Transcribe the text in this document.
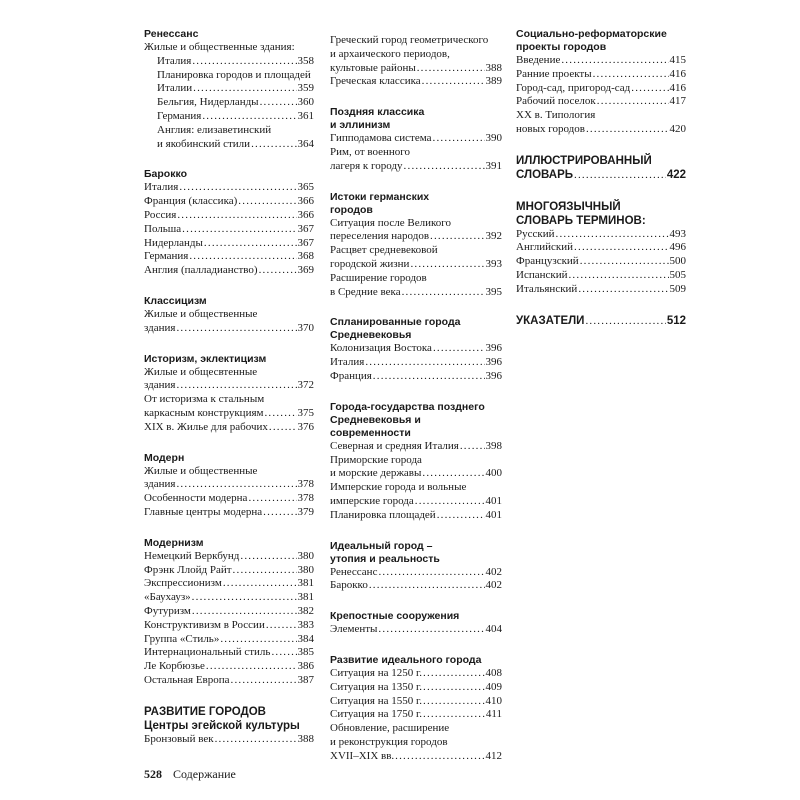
Ренессанс
Жилые и общественные здания:
Италия .....	358
Планировка городов и площадей
Италии .....	359
Бельгия, Нидерланды .....	360
Германия .....	361
Англия: елизаветинский
и якобинский стили .....	364
Барокко
Италия .....	365
Франция (классика) .....	366
Россия .....	366
Польша .....	367
Нидерланды .....	367
Германия .....	368
Англия (палладианство) .....	369
Классицизм
Жилые и общественные
здания .....	370
Историзм, эклектицизм
Жилые и общесвтенные
здания .....	372
От историзма к стальным
каркасным конструкциям .....	375
XIX в. Жилье для рабочих .....	376
Модерн
Жилые и общественные
здания .....	378
Особенности модерна .....	378
Главные центры модерна .....	379
Модернизм
Немецкий Веркбунд .....	380
Фрэнк Ллойд Райт .....	380
Экспрессионизм .....	381
«Баухауз» .....	381
Футуризм .....	382
Конструктивизм в России .....	383
Группа «Стиль» .....	384
Интернациональный стиль ..... 385
Ле Корбюзье .....	386
Остальная Европа .....	387
РАЗВИТИЕ ГОРОДОВ
Центры эгейской культуры
Бронзовый век .....	388
Греческий город геометрического
и архаического периодов,
культовые районы .....	388
Греческая классика .....	389
Поздняя классика
и эллинизм
Гипподамова система .....	390
Рим, от военного
лагеря к городу .....	391
Истоки германских
городов
Ситуация после Великого
переселения народов .....	392
Расцвет средневековой
городской жизни .....	393
Расширение городов
в Средние века .....	395
Спланированные города
Средневековья
Колонизация Востока .....	396
Италия .....	396
Франция .....	396
Города-государства позднего
Средневековья и современности
Северная и средняя Италия ..... 398
Приморские города
и морские державы .....	400
Имперские города и вольные
имперские города .....	401
Планировка площадей .....	401
Идеальный город –
утопия и реальность
Ренессанс .....	402
Барокко .....	402
Крепостные сооружения
Элементы .....	404
Развитие идеального города
Ситуация на 1250 г. .....	408
Ситуация на 1350 г. .....	409
Ситуация на 1550 г. .....	410
Ситуация на 1750 г. .....	411
Обновление, расширение
и реконструкция городов
XVII–XIX вв. .....	412
Социально-реформаторские
проекты городов
Введение .....	415
Ранние проекты .....	416
Город-сад, пригород-сад .....	416
Рабочий поселок .....	417
XX в. Типология
новых городов .....	420
ИЛЛЮСТРИРОВАННЫЙ
СЛОВАРЬ .....	422
МНОГОЯЗЫЧНЫЙ
СЛОВАРЬ ТЕРМИНОВ:
Русский .....	493
Английский .....	496
Французский .....	500
Испанский .....	505
Итальянский .....	509
УКАЗАТЕЛИ .....	512
528 Содержание
